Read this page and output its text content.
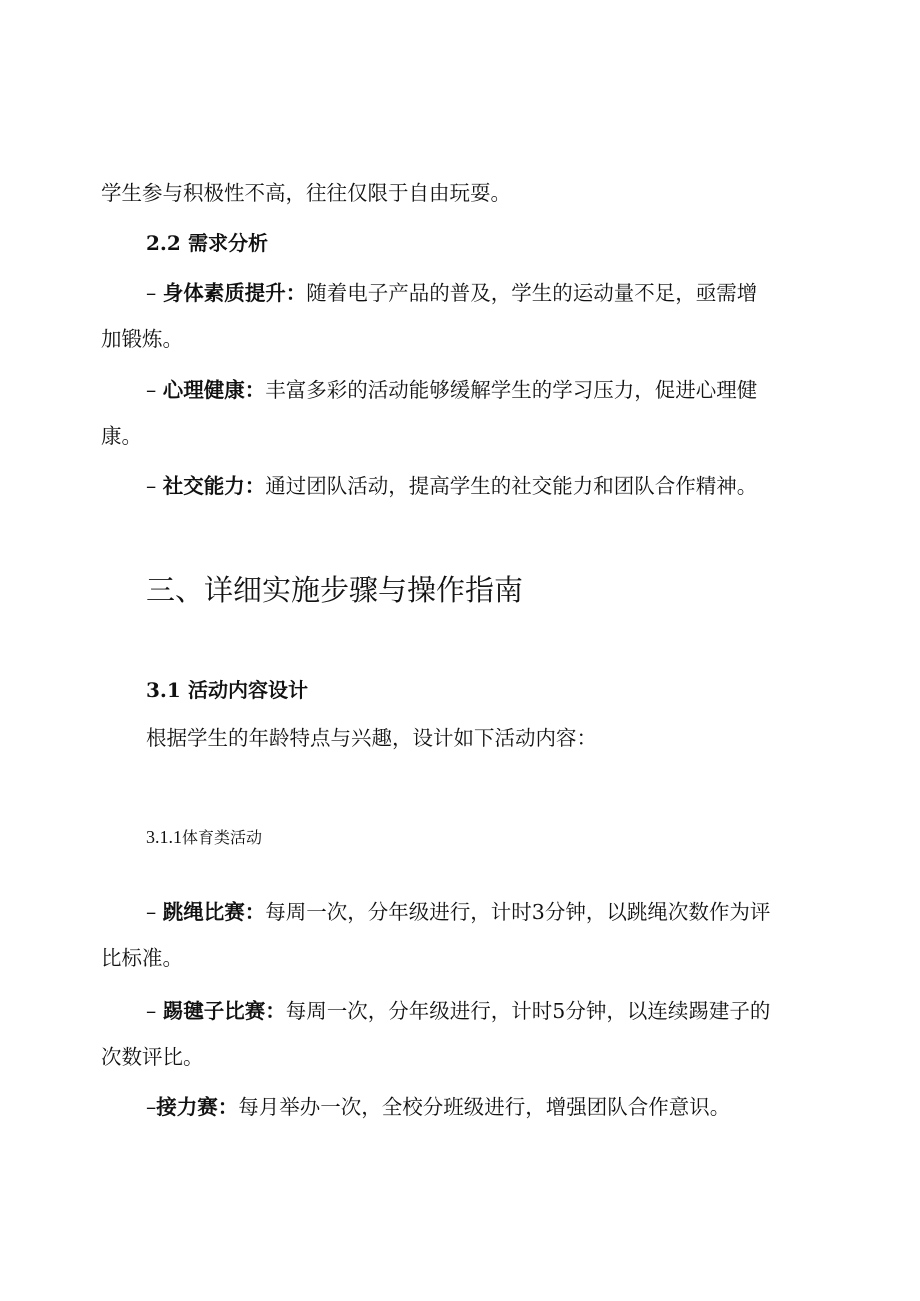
学生参与积极性不高，往往仅限于自由玩耍。

2.2 需求分析

– 身体素质提升：随着电子产品的普及，学生的运动量不足，亟需增

加锻炼。

– 心理健康：丰富多彩的活动能够缓解学生的学习压力，促进心理健

康。

– 社交能力：通过团队活动，提高学生的社交能力和团队合作精神。

三、详细实施步骤与操作指南

3.1 活动内容设计

根据学生的年龄特点与兴趣，设计如下活动内容：

3.1.1体育类活动

– 跳绳比赛：每周一次，分年级进行，计时3分钟，以跳绳次数作为评

比标准。

– 踢毽子比赛：每周一次，分年级进行，计时5分钟，以连续踢建子的

次数评比。

–接力赛：每月举办一次，全校分班级进行，增强团队合作意识。
